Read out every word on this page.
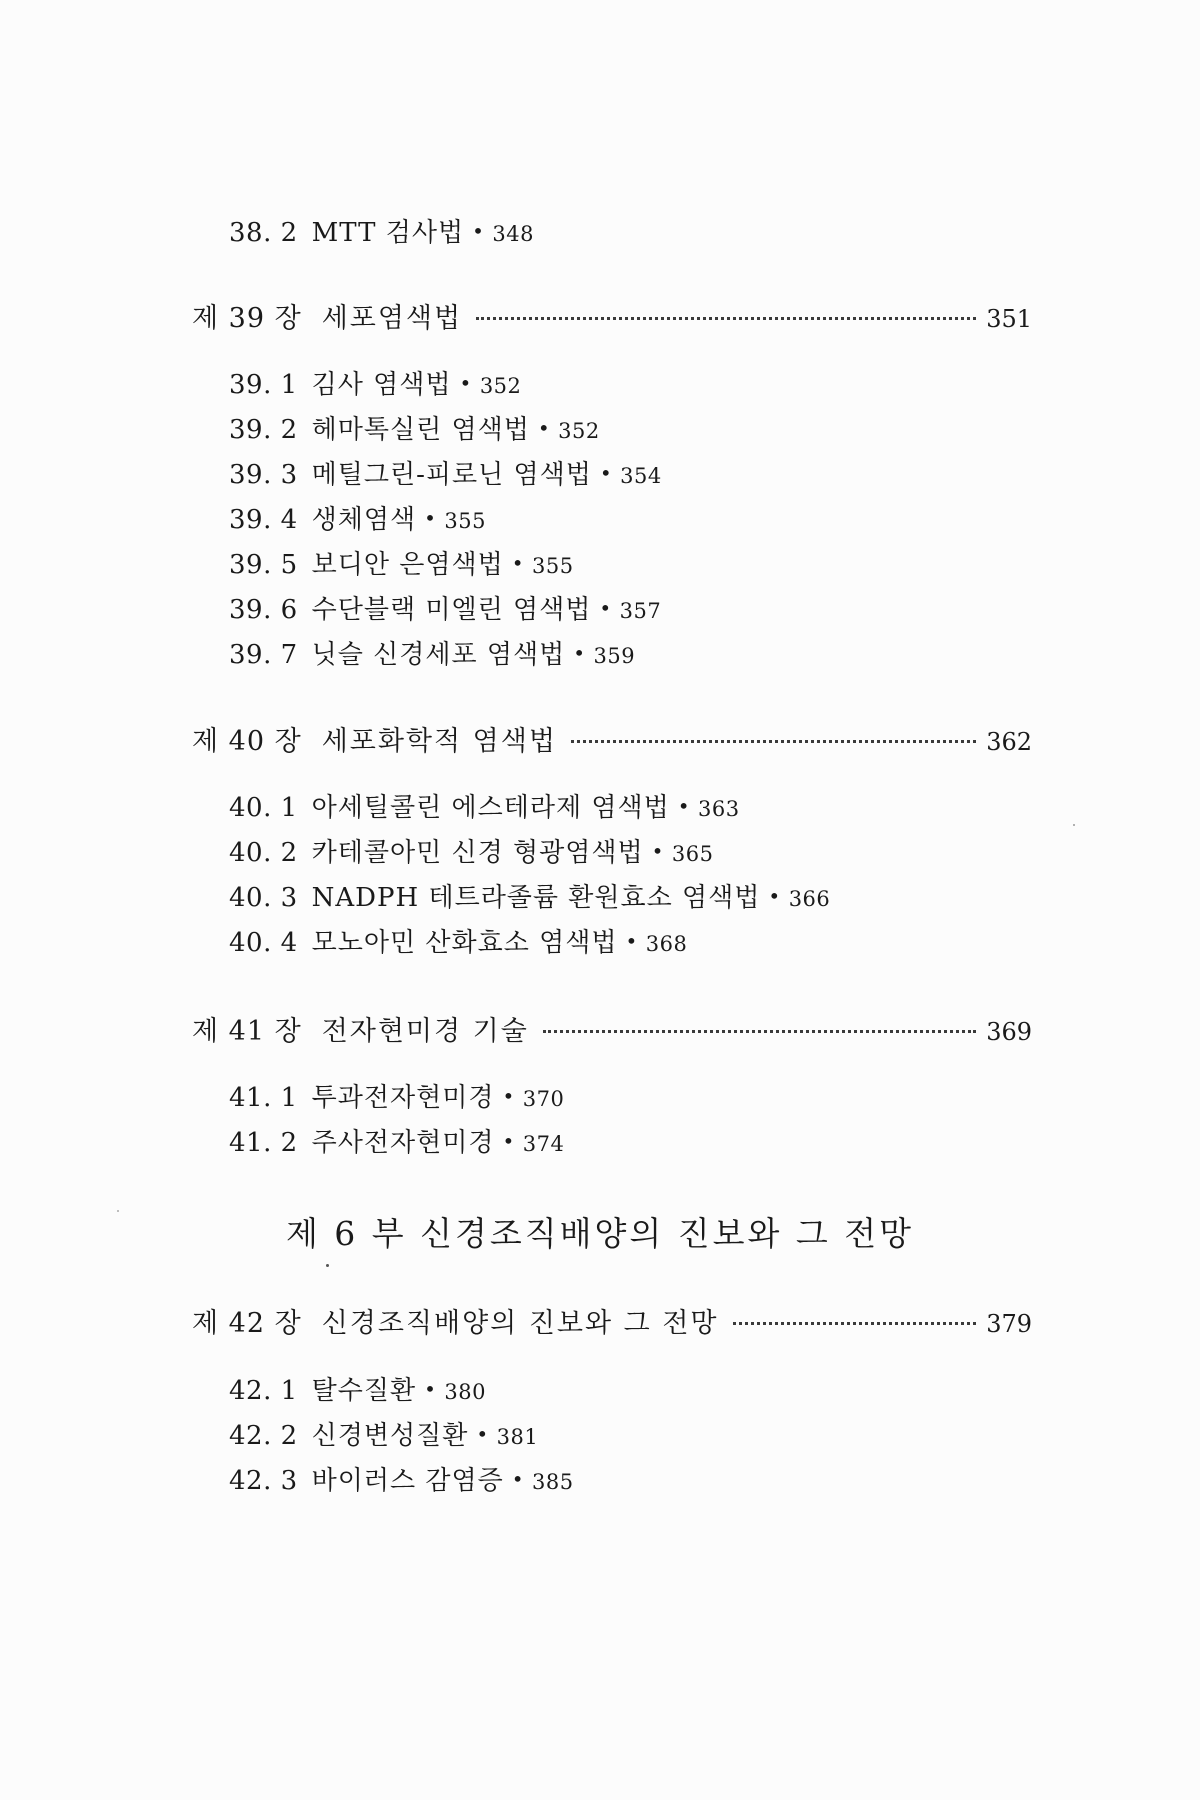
38. 2 MTT 검사법 • 348
제 39 장 세포염색법	351
39. 1 김사 염색법 • 352
39. 2 헤마톡실린 염색법 • 352
39. 3 메틸그린-피로닌 염색법 • 354
39. 4 생체염색 • 355
39. 5 보디안 은염색법 • 355
39. 6 수단블랙 미엘린 염색법 • 357
39. 7 닛슬 신경세포 염색법 • 359
제 40 장 세포화학적 염색법	362
40. 1 아세틸콜린 에스테라제 염색법 • 363
40. 2 카테콜아민 신경 형광염색법 • 365
40. 3 NADPH 테트라졸륨 환원효소 염색법 • 366
40. 4 모노아민 산화효소 염색법 • 368
제 41 장 전자현미경 기술	369
41. 1 투과전자현미경 • 370
41. 2 주사전자현미경 • 374
제 6 부 신경조직배양의 진보와 그 전망
제 42 장 신경조직배양의 진보와 그 전망	379
42. 1 탈수질환 • 380
42. 2 신경변성질환 • 381
42. 3 바이러스 감염증 • 385
